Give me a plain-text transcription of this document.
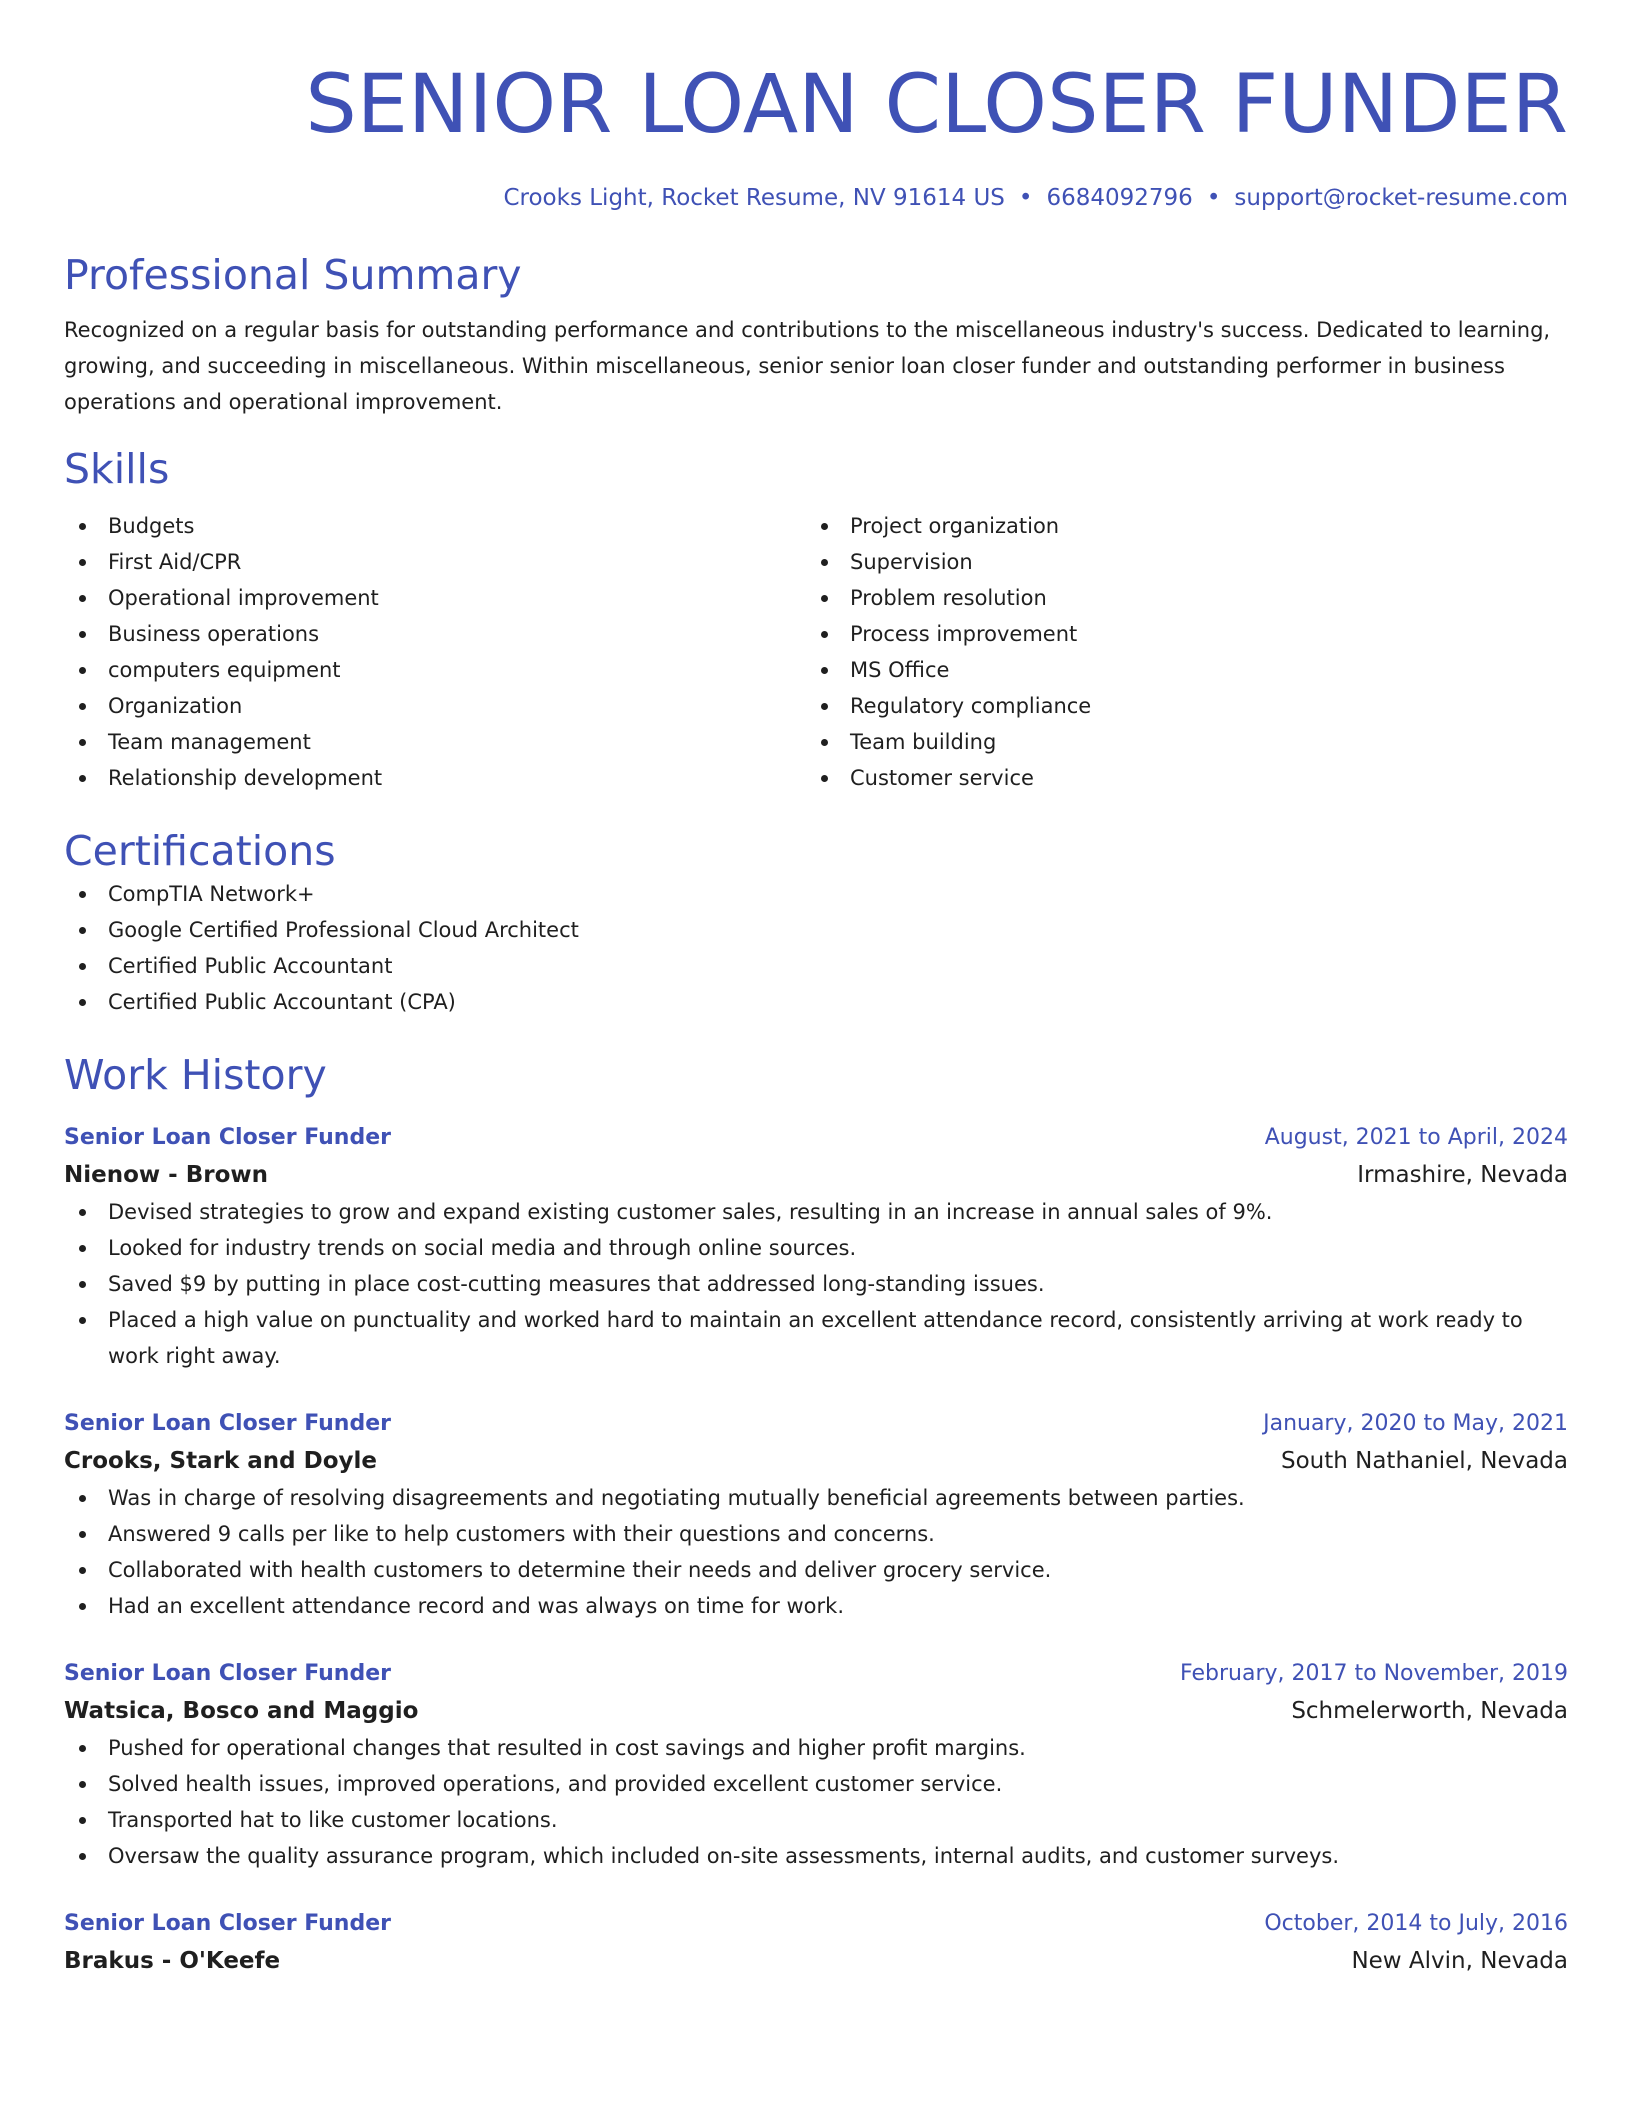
SENIOR LOAN CLOSER FUNDER
Crooks Light, Rocket Resume, NV 91614 US • 6684092796 • support@rocket-resume.com
Professional Summary
Recognized on a regular basis for outstanding performance and contributions to the miscellaneous industry's success. Dedicated to learning, growing, and succeeding in miscellaneous. Within miscellaneous, senior senior loan closer funder and outstanding performer in business operations and operational improvement.
Skills
Budgets
First Aid/CPR
Operational improvement
Business operations
computers equipment
Organization
Team management
Relationship development
Project organization
Supervision
Problem resolution
Process improvement
MS Office
Regulatory compliance
Team building
Customer service
Certifications
CompTIA Network+
Google Certified Professional Cloud Architect
Certified Public Accountant
Certified Public Accountant (CPA)
Work History
Senior Loan Closer Funder	August, 2021 to April, 2024
Nienow - Brown	Irmashire, Nevada
Devised strategies to grow and expand existing customer sales, resulting in an increase in annual sales of 9%.
Looked for industry trends on social media and through online sources.
Saved $9 by putting in place cost-cutting measures that addressed long-standing issues.
Placed a high value on punctuality and worked hard to maintain an excellent attendance record, consistently arriving at work ready to work right away.
Senior Loan Closer Funder	January, 2020 to May, 2021
Crooks, Stark and Doyle	South Nathaniel, Nevada
Was in charge of resolving disagreements and negotiating mutually beneficial agreements between parties.
Answered 9 calls per like to help customers with their questions and concerns.
Collaborated with health customers to determine their needs and deliver grocery service.
Had an excellent attendance record and was always on time for work.
Senior Loan Closer Funder	February, 2017 to November, 2019
Watsica, Bosco and Maggio	Schmelerworth, Nevada
Pushed for operational changes that resulted in cost savings and higher profit margins.
Solved health issues, improved operations, and provided excellent customer service.
Transported hat to like customer locations.
Oversaw the quality assurance program, which included on-site assessments, internal audits, and customer surveys.
Senior Loan Closer Funder	October, 2014 to July, 2016
Brakus - O'Keefe	New Alvin, Nevada
